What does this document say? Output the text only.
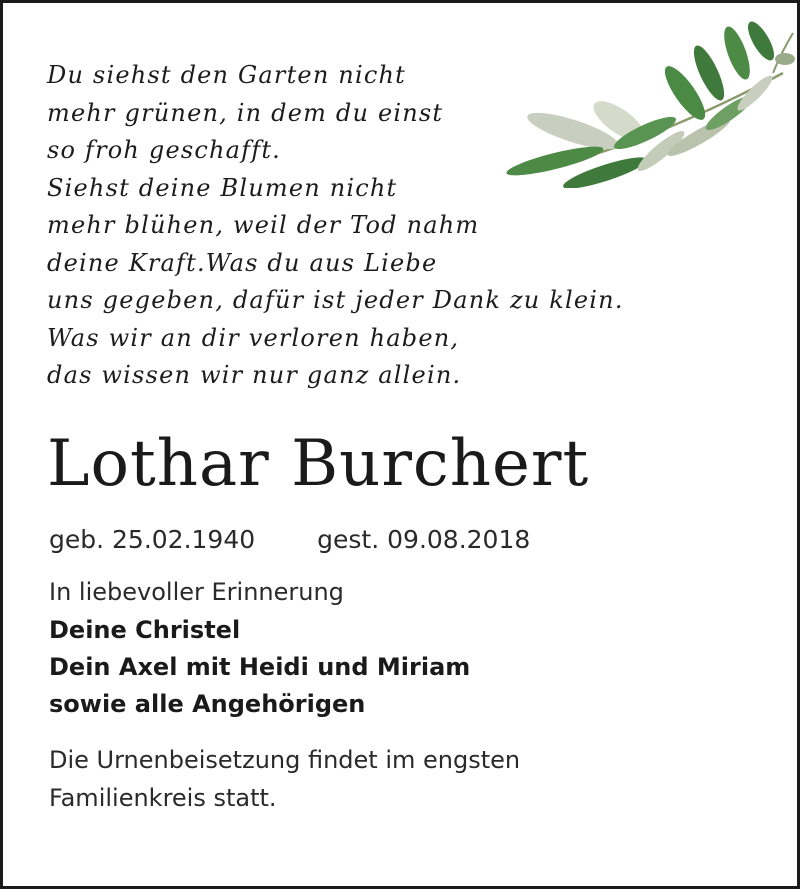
Du siehst den Garten nicht
mehr grünen, in dem du einst
so froh geschafft.
Siehst deine Blumen nicht
mehr blühen, weil der Tod nahm
deine Kraft.Was du aus Liebe
uns gegeben, dafür ist jeder Dank zu klein.
Was wir an dir verloren haben,
das wissen wir nur ganz allein.
Lothar Burchert
geb. 25.02.1940 gest. 09.08.2018
In liebevoller Erinnerung
Deine Christel
Dein Axel mit Heidi und Miriam
sowie alle Angehörigen
Die Urnenbeisetzung findet im engsten
Familienkreis statt.
